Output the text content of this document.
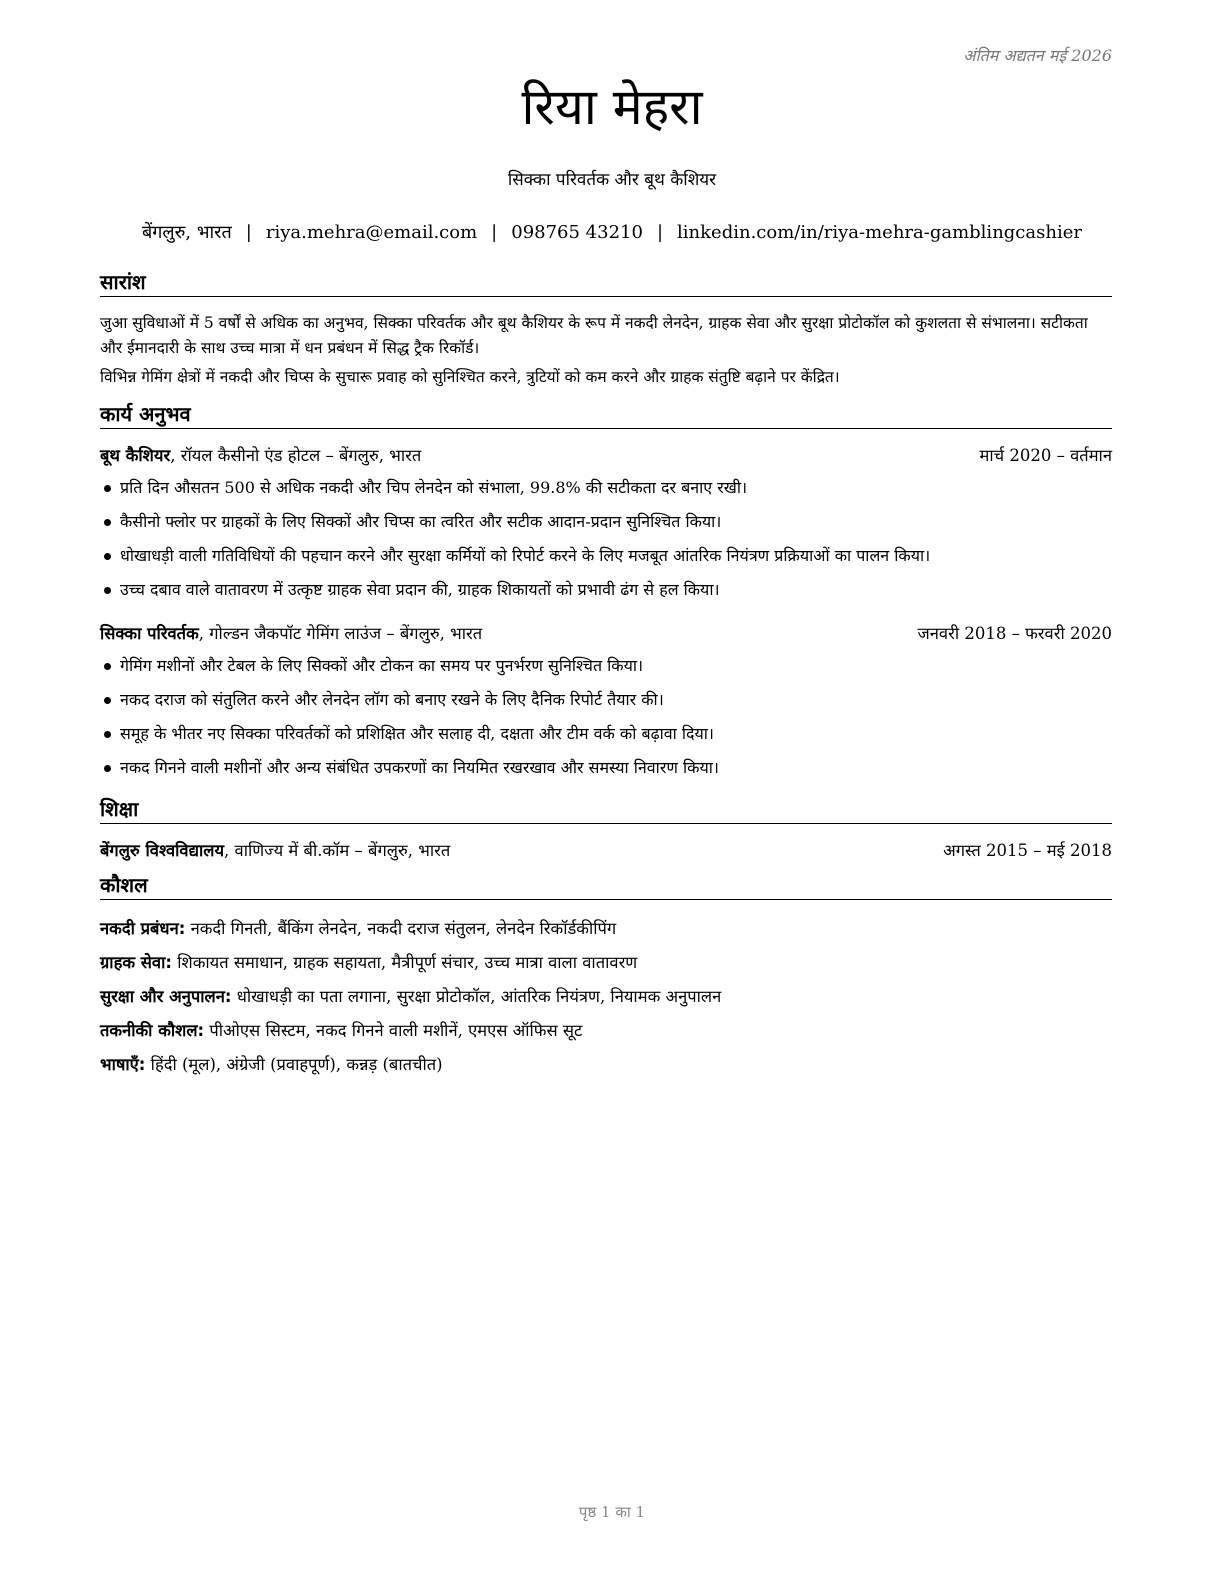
अंतिम अद्यतन मई 2026
रिया मेहरा
सिक्का परिवर्तक और बूथ कैशियर
बेंगलुरु, भारत | riya.mehra@email.com | 098765 43210 | linkedin.com/in/riya-mehra-gamblingcashier
सारांश

जुआ सुविधाओं में 5 वर्षों से अधिक का अनुभव, सिक्का परिवर्तक और बूथ कैशियर के रूप में नकदी लेनदेन, ग्राहक सेवा और सुरक्षा प्रोटोकॉल को कुशलता से संभालना। सटीकता और ईमानदारी के साथ उच्च मात्रा में धन प्रबंधन में सिद्ध ट्रैक रिकॉर्ड।

विभिन्न गेमिंग क्षेत्रों में नकदी और चिप्स के सुचारू प्रवाह को सुनिश्चित करने, त्रुटियों को कम करने और ग्राहक संतुष्टि बढ़ाने पर केंद्रित।

कार्य अनुभव
बूथ कैशियर, रॉयल कैसीनो एंड होटल – बेंगलुरु, भारत	मार्च 2020 – वर्तमान
प्रति दिन औसतन 500 से अधिक नकदी और चिप लेनदेन को संभाला, 99.8% की सटीकता दर बनाए रखी।
कैसीनो फ्लोर पर ग्राहकों के लिए सिक्कों और चिप्स का त्वरित और सटीक आदान-प्रदान सुनिश्चित किया।
धोखाधड़ी वाली गतिविधियों की पहचान करने और सुरक्षा कर्मियों को रिपोर्ट करने के लिए मजबूत आंतरिक नियंत्रण प्रक्रियाओं का पालन किया।
उच्च दबाव वाले वातावरण में उत्कृष्ट ग्राहक सेवा प्रदान की, ग्राहक शिकायतों को प्रभावी ढंग से हल किया।
सिक्का परिवर्तक, गोल्डन जैकपॉट गेमिंग लाउंज – बेंगलुरु, भारत	जनवरी 2018 – फरवरी 2020
गेमिंग मशीनों और टेबल के लिए सिक्कों और टोकन का समय पर पुनर्भरण सुनिश्चित किया।
नकद दराज को संतुलित करने और लेनदेन लॉग को बनाए रखने के लिए दैनिक रिपोर्ट तैयार की।
समूह के भीतर नए सिक्का परिवर्तकों को प्रशिक्षित और सलाह दी, दक्षता और टीम वर्क को बढ़ावा दिया।
नकद गिनने वाली मशीनों और अन्य संबंधित उपकरणों का नियमित रखरखाव और समस्या निवारण किया।
शिक्षा
बेंगलुरु विश्वविद्यालय, वाणिज्य में बी.कॉम – बेंगलुरु, भारत	अगस्त 2015 – मई 2018
कौशल
नकदी प्रबंधन: नकदी गिनती, बैंकिंग लेनदेन, नकदी दराज संतुलन, लेनदेन रिकॉर्डकीपिंग
ग्राहक सेवा: शिकायत समाधान, ग्राहक सहायता, मैत्रीपूर्ण संचार, उच्च मात्रा वाला वातावरण
सुरक्षा और अनुपालन: धोखाधड़ी का पता लगाना, सुरक्षा प्रोटोकॉल, आंतरिक नियंत्रण, नियामक अनुपालन
तकनीकी कौशल: पीओएस सिस्टम, नकद गिनने वाली मशीनें, एमएस ऑफिस सूट
भाषाएँ: हिंदी (मूल), अंग्रेजी (प्रवाहपूर्ण), कन्नड़ (बातचीत)
पृष्ठ 1 का 1
